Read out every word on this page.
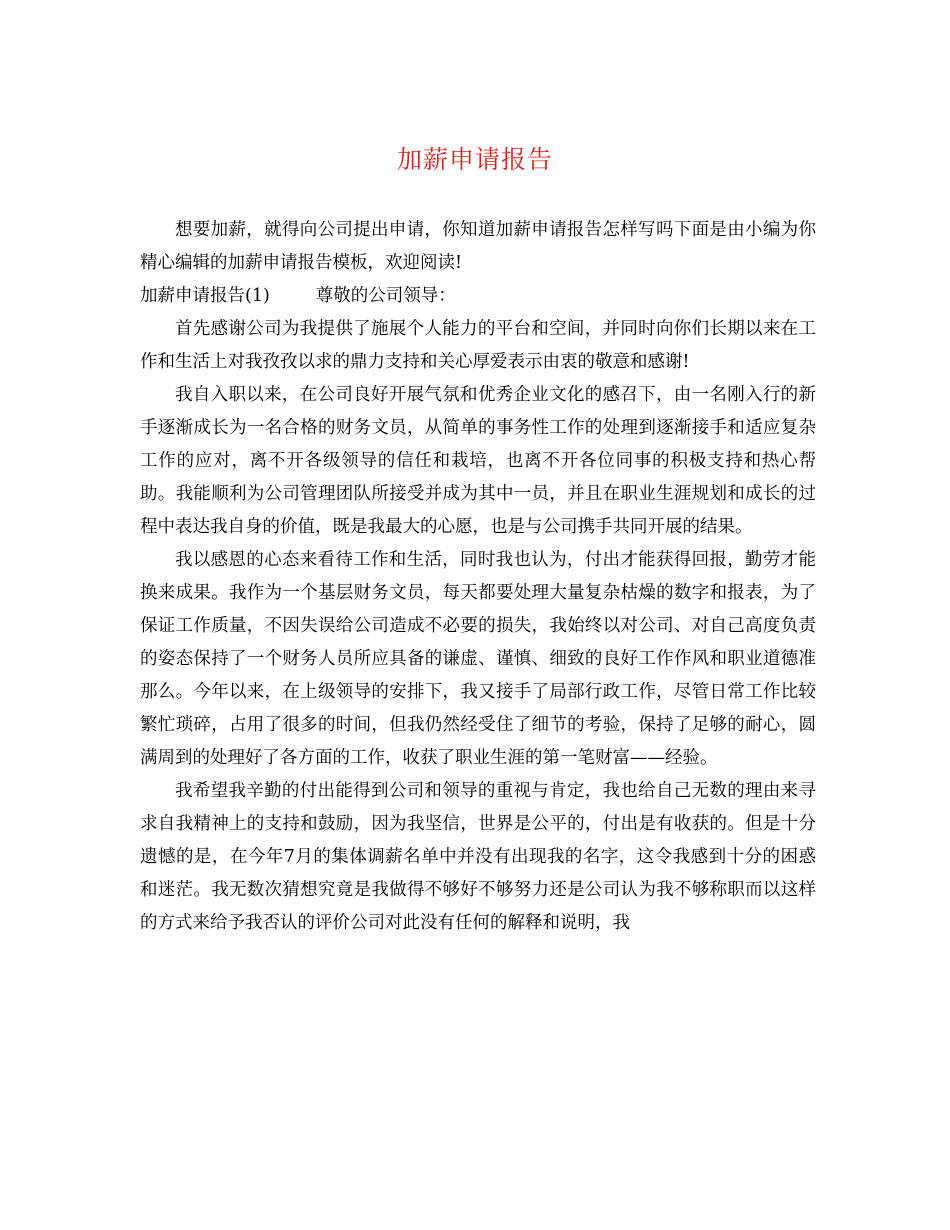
加薪申请报告

想要加薪，就得向公司提出申请，你知道加薪申请报告怎样写吗下面是由小编为你精心编辑的加薪申请报告模板，欢迎阅读!

加薪申请报告(1)	尊敬的公司领导：

首先感谢公司为我提供了施展个人能力的平台和空间，并同时向你们长期以来在工作和生活上对我孜孜以求的鼎力支持和关心厚爱表示由衷的敬意和感谢!

我自入职以来，在公司良好开展气氛和优秀企业文化的感召下，由一名刚入行的新手逐渐成长为一名合格的财务文员，从简单的事务性工作的处理到逐渐接手和适应复杂工作的应对，离不开各级领导的信任和栽培，也离不开各位同事的积极支持和热心帮助。我能顺利为公司管理团队所接受并成为其中一员，并且在职业生涯规划和成长的过程中表达我自身的价值，既是我最大的心愿，也是与公司携手共同开展的结果。

我以感恩的心态来看待工作和生活，同时我也认为，付出才能获得回报，勤劳才能换来成果。我作为一个基层财务文员，每天都要处理大量复杂枯燥的数字和报表，为了保证工作质量，不因失误给公司造成不必要的损失，我始终以对公司、对自己高度负责的姿态保持了一个财务人员所应具备的谦虚、谨慎、细致的良好工作作风和职业道德准那么。今年以来，在上级领导的安排下，我又接手了局部行政工作，尽管日常工作比较繁忙琐碎，占用了很多的时间，但我仍然经受住了细节的考验，保持了足够的耐心，圆满周到的处理好了各方面的工作，收获了职业生涯的第一笔财富——经验。

我希望我辛勤的付出能得到公司和领导的重视与肯定，我也给自己无数的理由来寻求自我精神上的支持和鼓励，因为我坚信，世界是公平的，付出是有收获的。但是十分遗憾的是，在今年7月的集体调薪名单中并没有出现我的名字，这令我感到十分的困惑和迷茫。我无数次猜想究竟是我做得不够好不够努力还是公司认为我不够称职而以这样的方式来给予我否认的评价公司对此没有任何的解释和说明，我
